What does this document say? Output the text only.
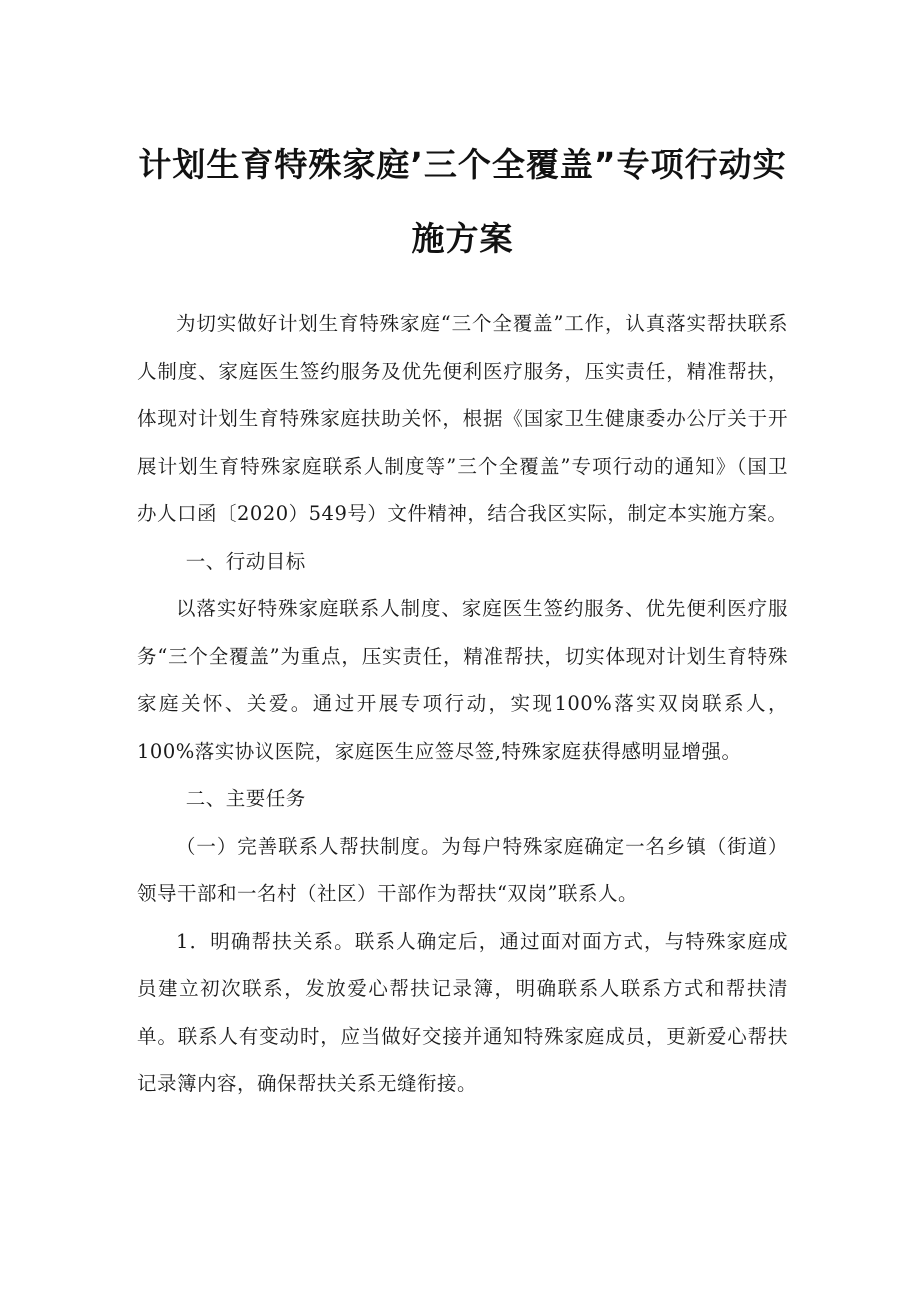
计划生育特殊家庭’三个全覆盖”专项行动实
施方案

为切实做好计划生育特殊家庭“三个全覆盖”工作，认真落实帮扶联系人制度、家庭医生签约服务及优先便利医疗服务，压实责任，精准帮扶，体现对计划生育特殊家庭扶助关怀，根据《国家卫生健康委办公厅关于开展计划生育特殊家庭联系人制度等”三个全覆盖”专项行动的通知》（国卫办人口函〔2020）549号）文件精神，结合我区实际，制定本实施方案。

一、行动目标

以落实好特殊家庭联系人制度、家庭医生签约服务、优先便利医疗服务“三个全覆盖”为重点，压实责任，精准帮扶，切实体现对计划生育特殊家庭关怀、关爱。通过开展专项行动，实现100%落实双岗联系人，100%落实协议医院，家庭医生应签尽签,特殊家庭获得感明显增强。

二、主要任务

（一）完善联系人帮扶制度。为每户特殊家庭确定一名乡镇（街道）领导干部和一名村（社区）干部作为帮扶“双岗”联系人。

1．明确帮扶关系。联系人确定后，通过面对面方式，与特殊家庭成员建立初次联系，发放爱心帮扶记录簿，明确联系人联系方式和帮扶清单。联系人有变动时，应当做好交接并通知特殊家庭成员，更新爱心帮扶记录簿内容，确保帮扶关系无缝衔接。
